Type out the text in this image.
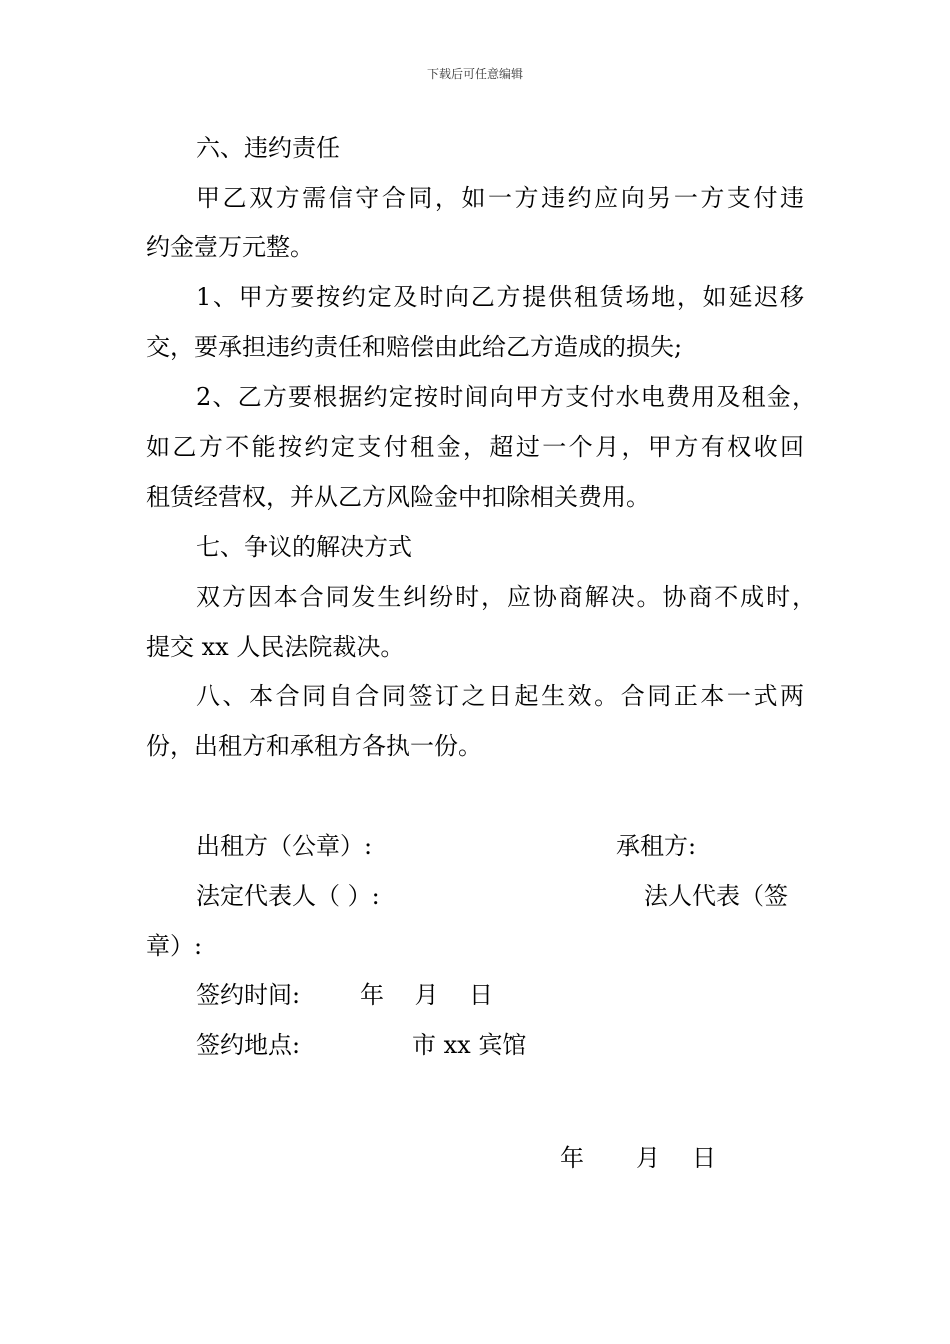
下载后可任意编辑
六、违约责任
甲乙双方需信守合同，如一方违约应向另一方支付违
约金壹万元整。
1、甲方要按约定及时向乙方提供租赁场地，如延迟移
交，要承担违约责任和赔偿由此给乙方造成的损失;
2、乙方要根据约定按时间向甲方支付水电费用及租金，
如乙方不能按约定支付租金，超过一个月，甲方有权收回
租赁经营权，并从乙方风险金中扣除相关费用。
七、争议的解决方式
双方因本合同发生纠纷时，应协商解决。协商不成时，
提交 xx 人民法院裁决。
八、本合同自合同签订之日起生效。合同正本一式两
份，出租方和承租方各执一份。
出租方（公章）:	承租方:
法定代表人（ ）:	法人代表（签
章）:
签约时间: 年    月    日
签约地点:	市 xx 宾馆
年 月 日
